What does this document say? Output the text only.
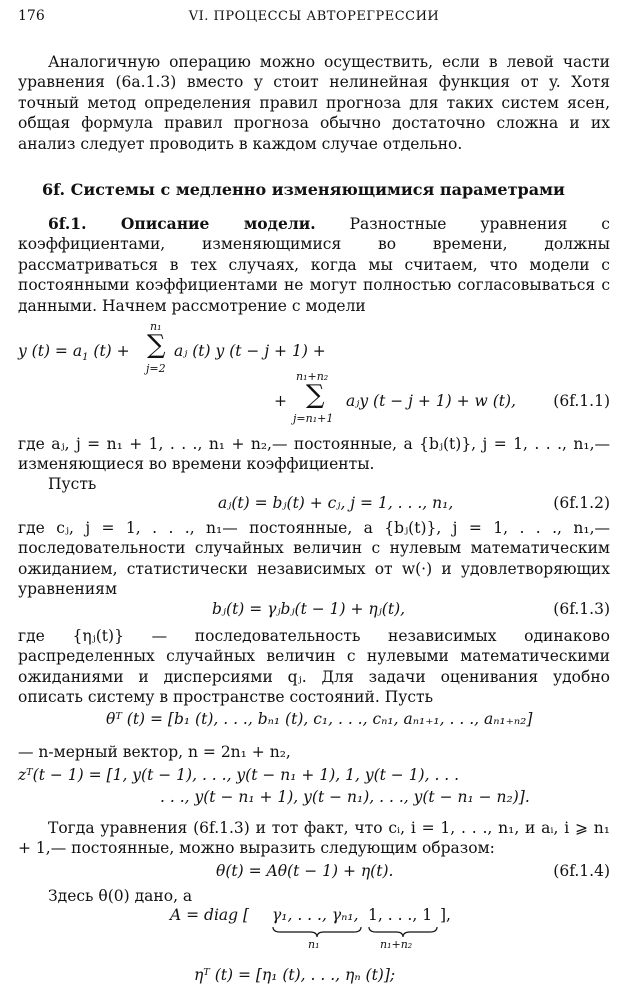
176	VI. ПРОЦЕССЫ АВТОРЕГРЕССИИ
Аналогичную операцию можно осуществить, если в левой части уравнения (6а.1.3) вместо y стоит нелинейная функция от y. Хотя точный метод определения правил прогноза для таких систем ясен, общая формула правил прогноза обычно достаточно сложна и их анализ следует проводить в каждом случае отдельно.
6f. Системы с медленно изменяющимися параметрами
6f.1. Описание модели. Разностные уравнения с коэффициентами, изменяющимися во времени, должны рассматриваться в тех случаях, когда мы считаем, что модели с постоянными коэффициентами не могут полностью согласовываться с данными. Начнем рассмотрение с модели
y $(t) = a_1$ (t) +
n₁
∑
j=2
aⱼ (t) y (t − j + 1) +
+
n₁+n₂
∑
j=n₁+1
aⱼy (t − j + 1) + w (t), (6f.1.1)
где aⱼ, j = n₁ + 1, . . ., n₁ + n₂,— постоянные, а {bⱼ(t)}, j = 1, . . ., n₁,— изменяющиеся во времени коэффициенты.
Пусть
aⱼ(t) = bⱼ(t) + cⱼ, j = 1, . . ., n₁,	(6f.1.2)
где cⱼ, j = 1, . . ., n₁— постоянные, а {bⱼ(t)}, j = 1, . . ., n₁,— последовательности случайных величин с нулевым математическим ожиданием, статистически независимых от w(·) и удовлетворяющих уравнениям
bⱼ(t) = γⱼbⱼ(t − 1) + ηⱼ(t),	(6f.1.3)
где {ηⱼ(t)} — последовательность независимых одинаково распределенных случайных величин с нулевыми математическими ожиданиями и дисперсиями qⱼ. Для задачи оценивания удобно описать систему в пространстве состояний. Пусть
θᵀ (t) = [b₁ (t), . . ., bₙ₁ (t), c₁, . . ., cₙ₁, aₙ₁₊₁, . . ., aₙ₁₊ₙ₂]
— n-мерный вектор, n = 2n₁ + n₂,
zᵀ(t − 1) = [1, y(t − 1), . . ., y(t − n₁ + 1), 1, y(t − 1), . . .
. . ., y(t − n₁ + 1), y(t − n₁), . . ., y(t − n₁ − n₂)].
Тогда уравнения (6f.1.3) и тот факт, что cᵢ, i = 1, . . ., n₁, и aᵢ, i ⩾ n₁ + 1,— постоянные, можно выразить следующим образом:
θ(t) = Aθ(t − 1) + η(t).	(6f.1.4)
Здесь θ(0) дано, а
A = diag [ γ₁, . . ., γₙ₁, 1, . . ., 1 ],
n₁	n₁+n₂
ηᵀ (t) = [η₁ (t), . . ., ηₙ (t)];
